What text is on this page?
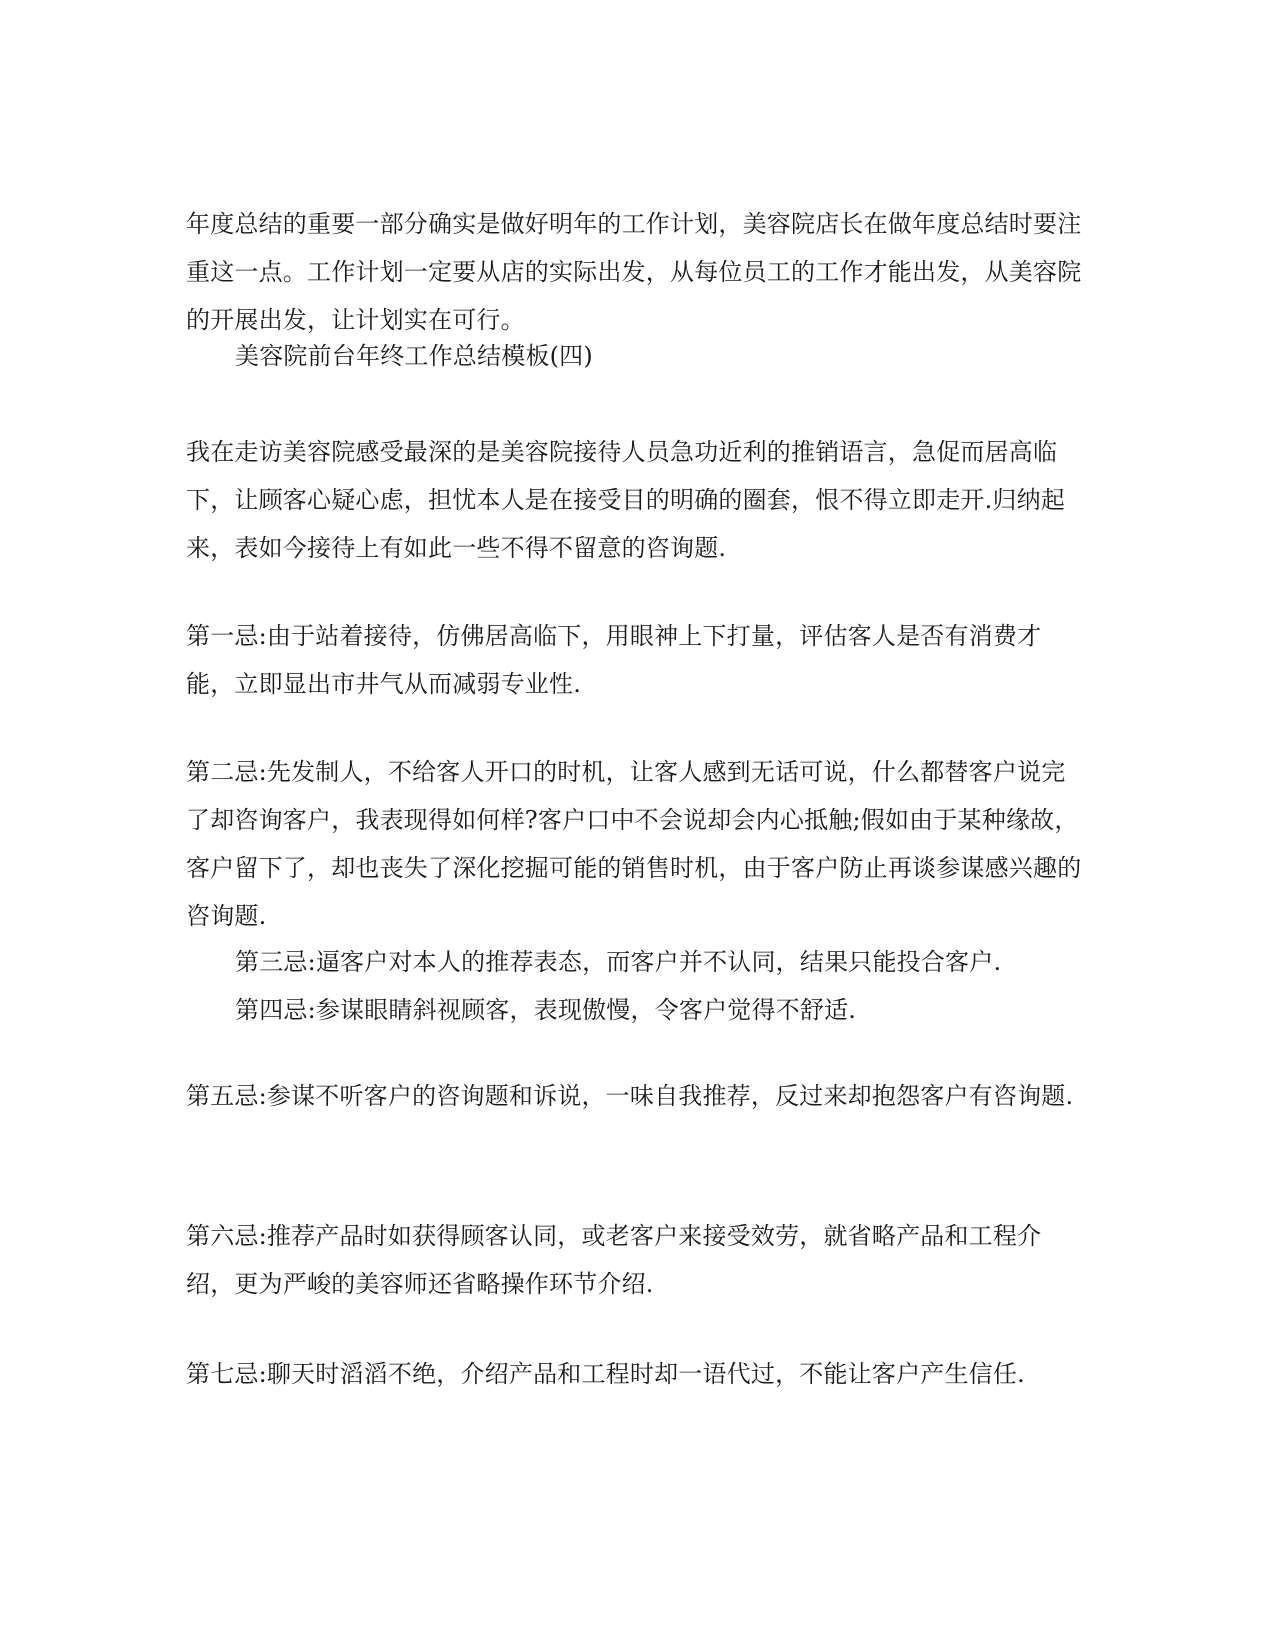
年度总结的重要一部分确实是做好明年的工作计划，美容院店长在做年度总结时要注重这一点。工作计划一定要从店的实际出发，从每位员工的工作才能出发，从美容院的开展出发，让计划实在可行。

美容院前台年终工作总结模板(四)

我在走访美容院感受最深的是美容院接待人员急功近利的推销语言，急促而居高临下，让顾客心疑心虑，担忧本人是在接受目的明确的圈套，恨不得立即走开.归纳起来，表如今接待上有如此一些不得不留意的咨询题.

第一忌:由于站着接待，仿佛居高临下，用眼神上下打量，评估客人是否有消费才能，立即显出市井气从而减弱专业性.

第二忌:先发制人，不给客人开口的时机，让客人感到无话可说，什么都替客户说完了却咨询客户，我表现得如何样?客户口中不会说却会内心抵触;假如由于某种缘故，客户留下了，却也丧失了深化挖掘可能的销售时机，由于客户防止再谈参谋感兴趣的咨询题.

第三忌:逼客户对本人的推荐表态，而客户并不认同，结果只能投合客户.

第四忌:参谋眼睛斜视顾客，表现傲慢，令客户觉得不舒适.

第五忌:参谋不听客户的咨询题和诉说，一味自我推荐，反过来却抱怨客户有咨询题.

第六忌:推荐产品时如获得顾客认同，或老客户来接受效劳，就省略产品和工程介绍，更为严峻的美容师还省略操作环节介绍.

第七忌:聊天时滔滔不绝，介绍产品和工程时却一语代过，不能让客户产生信任.
